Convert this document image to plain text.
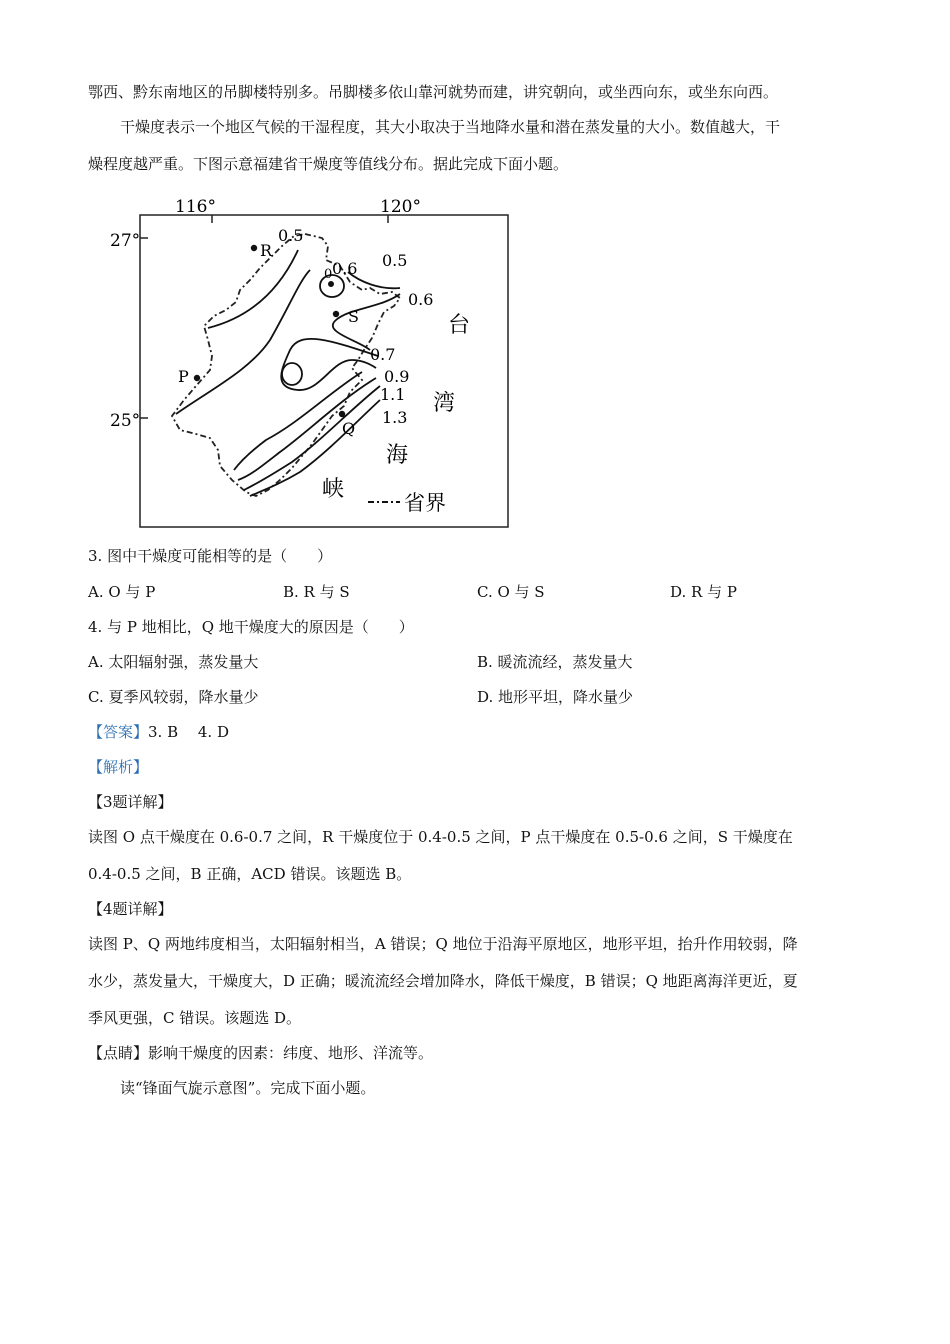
鄂西、黔东南地区的吊脚楼特别多。吊脚楼多依山靠河就势而建，讲究朝向，或坐西向东，或坐东向西。
干燥度表示一个地区气候的干湿程度，其大小取决于当地降水量和潜在蒸发量的大小。数值越大，干
燥程度越严重。下图示意福建省干燥度等值线分布。据此完成下面小题。
116°	120°
27°
25°
R
S
P
Q
0
0.5
0.6 0.5
0.6
0.7
0.9
1.1
1.3
台
湾
海
峡
省界
3. 图中干燥度可能相等的是（　　）
A. O 与 P	B. R 与 S	C. O 与 S	D. R 与 P
4. 与 P 地相比，Q 地干燥度大的原因是（　　）
A. 太阳辐射强，蒸发量大	B. 暖流流经，蒸发量大
C. 夏季风较弱，降水量少	D. 地形平坦，降水量少
【答案】3. B　 4. D
【解析】
【3题详解】
读图 O 点干燥度在 0.6-0.7 之间，R 干燥度位于 0.4-0.5 之间，P 点干燥度在 0.5-0.6 之间，S 干燥度在
0.4-0.5 之间，B 正确，ACD 错误。该题选 B。
【4题详解】
读图 P、Q 两地纬度相当，太阳辐射相当，A 错误；Q 地位于沿海平原地区，地形平坦，抬升作用较弱，降
水少，蒸发量大，干燥度大，D 正确；暖流流经会增加降水，降低干燥度，B 错误；Q 地距离海洋更近，夏
季风更强，C 错误。该题选 D。
【点睛】影响干燥度的因素：纬度、地形、洋流等。
读“锋面气旋示意图”。完成下面小题。
